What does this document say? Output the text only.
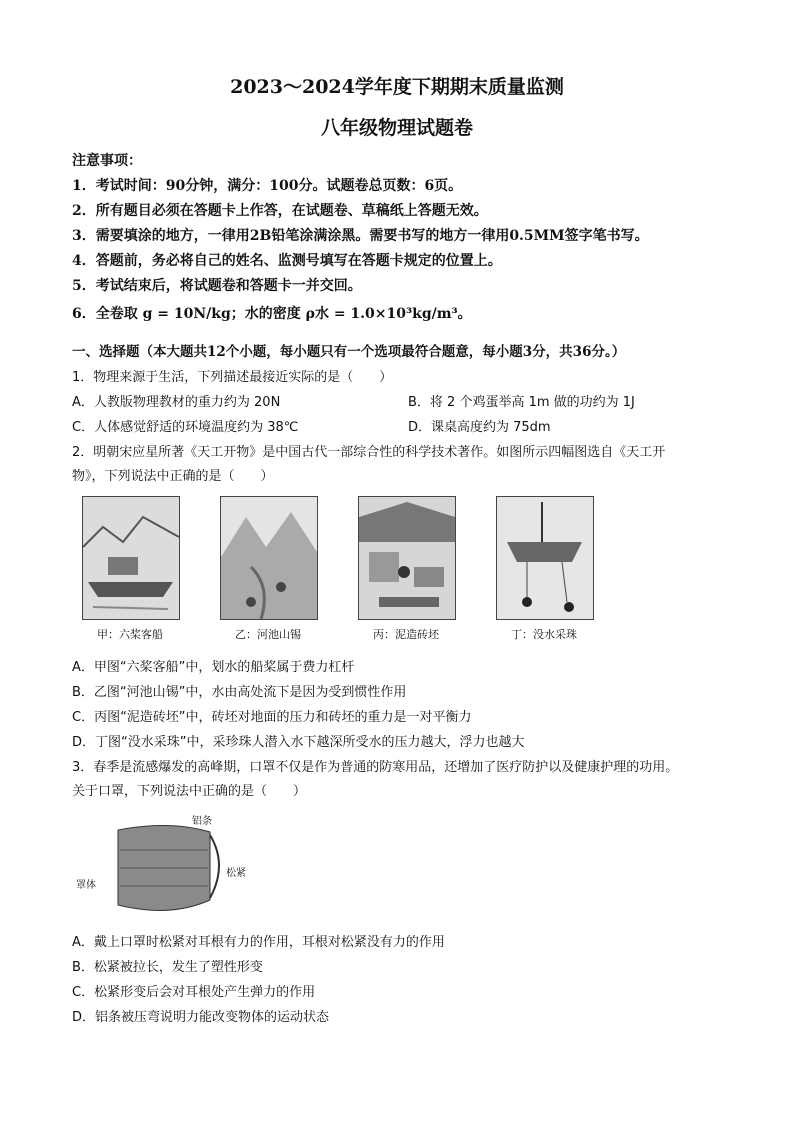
2023～2024学年度下期期末质量监测
八年级物理试题卷
注意事项：
1．考试时间：90分钟，满分：100分。试题卷总页数：6页。
2．所有题目必须在答题卡上作答，在试题卷、草稿纸上答题无效。
3．需要填涂的地方，一律用2B铅笔涂满涂黑。需要书写的地方一律用0.5MM签字笔书写。
4．答题前，务必将自己的姓名、监测号填写在答题卡规定的位置上。
5．考试结束后，将试题卷和答题卡一并交回。
6．全卷取 g = 10N/kg；水的密度 ρ水 = 1.0×10³kg/m³。
一、选择题（本大题共12个小题，每小题只有一个选项最符合题意，每小题3分，共36分。）
1．物理来源于生活，下列描述最接近实际的是（　　）
A．人教版物理教材的重力约为 20N	B．将 2 个鸡蛋举高 1m 做的功约为 1J
C．人体感觉舒适的环境温度约为 38℃	D．课桌高度约为 75dm
2．明朝宋应星所著《天工开物》是中国古代一部综合性的科学技术著作。如图所示四幅图选自《天工开
物》，下列说法中正确的是（　　）
甲：六桨客船	乙：河池山锡	丙：泥造砖坯	丁：没水采珠
A．甲图“六桨客船”中，划水的船桨属于费力杠杆
B．乙图“河池山锡”中，水由高处流下是因为受到惯性作用
C．丙图“泥造砖坯”中，砖坯对地面的压力和砖坯的重力是一对平衡力
D．丁图“没水采珠”中，采珍珠人潜入水下越深所受水的压力越大，浮力也越大
3．春季是流感爆发的高峰期，口罩不仅是作为普通的防寒用品，还增加了医疗防护以及健康护理的功用。
关于口罩，下列说法中正确的是（　　）
铝条
松紧
罩体
A．戴上口罩时松紧对耳根有力的作用，耳根对松紧没有力的作用
B．松紧被拉长，发生了塑性形变
C．松紧形变后会对耳根处产生弹力的作用
D．铝条被压弯说明力能改变物体的运动状态
